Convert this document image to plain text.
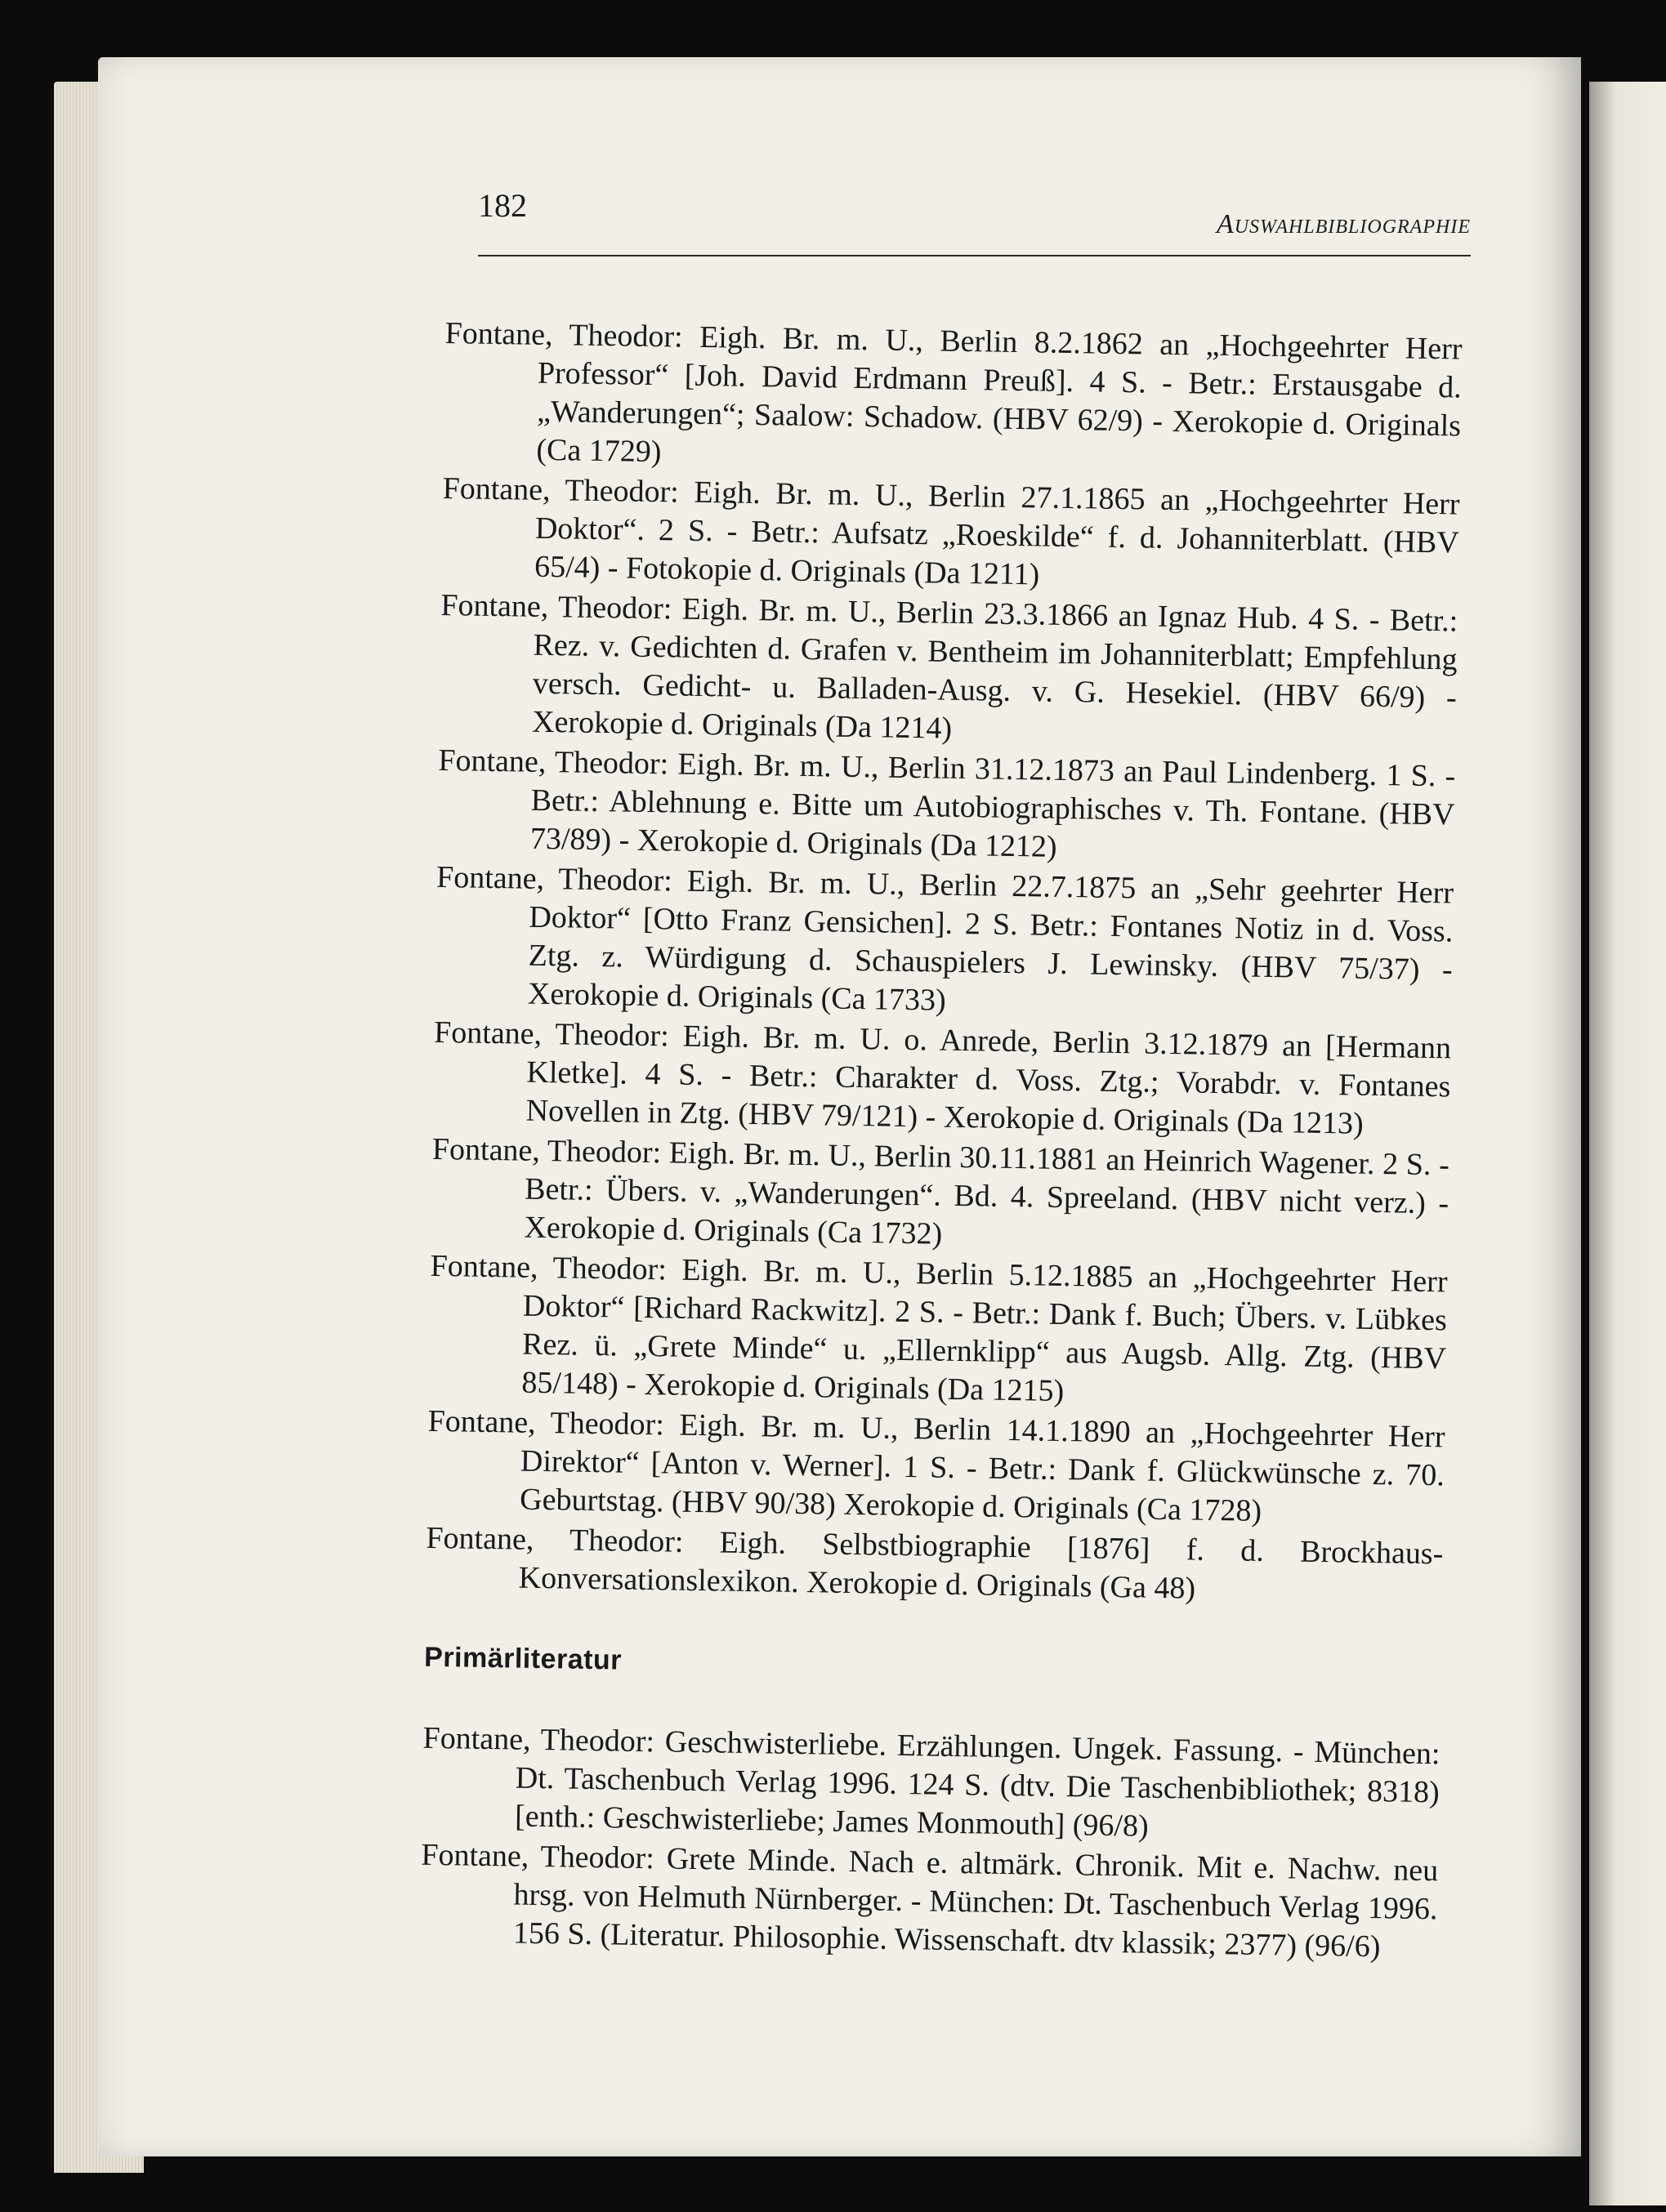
182
Auswahlbibliographie

Fontane, Theodor: Eigh. Br. m. U., Berlin 8.2.1862 an „Hochgeehrter Herr Professor“ [Joh. David Erdmann Preuß]. 4 S. - Betr.: Erstausgabe d. „Wanderungen“; Saalow: Schadow. (HBV 62/9) - Xerokopie d. Originals (Ca 1729)

Fontane, Theodor: Eigh. Br. m. U., Berlin 27.1.1865 an „Hochgeehrter Herr Doktor“. 2 S. - Betr.: Aufsatz „Roeskilde“ f. d. Johanniterblatt. (HBV 65/4) - Fotokopie d. Originals (Da 1211)

Fontane, Theodor: Eigh. Br. m. U., Berlin 23.3.1866 an Ignaz Hub. 4 S. - Betr.: Rez. v. Gedichten d. Grafen v. Bentheim im Johanniterblatt; Empfehlung versch. Gedicht- u. Balladen-Ausg. v. G. Hesekiel. (HBV 66/9) - Xerokopie d. Originals (Da 1214)

Fontane, Theodor: Eigh. Br. m. U., Berlin 31.12.1873 an Paul Lindenberg. 1 S. - Betr.: Ablehnung e. Bitte um Autobiographisches v. Th. Fontane. (HBV 73/89) - Xerokopie d. Originals (Da 1212)

Fontane, Theodor: Eigh. Br. m. U., Berlin 22.7.1875 an „Sehr geehrter Herr Doktor“ [Otto Franz Gensichen]. 2 S. Betr.: Fontanes Notiz in d. Voss. Ztg. z. Würdigung d. Schauspielers J. Lewinsky. (HBV 75/37) - Xerokopie d. Originals (Ca 1733)

Fontane, Theodor: Eigh. Br. m. U. o. Anrede, Berlin 3.12.1879 an [Hermann Kletke]. 4 S. - Betr.: Charakter d. Voss. Ztg.; Vorabdr. v. Fontanes Novellen in Ztg. (HBV 79/121) - Xerokopie d. Originals (Da 1213)

Fontane, Theodor: Eigh. Br. m. U., Berlin 30.11.1881 an Heinrich Wagener. 2 S. - Betr.: Übers. v. „Wanderungen“. Bd. 4. Spreeland. (HBV nicht verz.) - Xerokopie d. Originals (Ca 1732)

Fontane, Theodor: Eigh. Br. m. U., Berlin 5.12.1885 an „Hochgeehrter Herr Doktor“ [Richard Rackwitz]. 2 S. - Betr.: Dank f. Buch; Übers. v. Lübkes Rez. ü. „Grete Minde“ u. „Ellernklipp“ aus Augsb. Allg. Ztg. (HBV 85/148) - Xerokopie d. Originals (Da 1215)

Fontane, Theodor: Eigh. Br. m. U., Berlin 14.1.1890 an „Hochgeehrter Herr Direktor“ [Anton v. Werner]. 1 S. - Betr.: Dank f. Glückwünsche z. 70. Geburtstag. (HBV 90/38) Xerokopie d. Originals (Ca 1728)

Fontane, Theodor: Eigh. Selbstbiographie [1876] f. d. Brockhaus-Konversationslexikon. Xerokopie d. Originals (Ga 48)

Primärliteratur

Fontane, Theodor: Geschwisterliebe. Erzählungen. Ungek. Fassung. - München: Dt. Taschenbuch Verlag 1996. 124 S. (dtv. Die Taschenbibliothek; 8318) [enth.: Geschwisterliebe; James Monmouth] (96/8)

Fontane, Theodor: Grete Minde. Nach e. altmärk. Chronik. Mit e. Nachw. neu hrsg. von Helmuth Nürnberger. - München: Dt. Taschenbuch Verlag 1996. 156 S. (Literatur. Philosophie. Wissenschaft. dtv klassik; 2377) (96/6)
